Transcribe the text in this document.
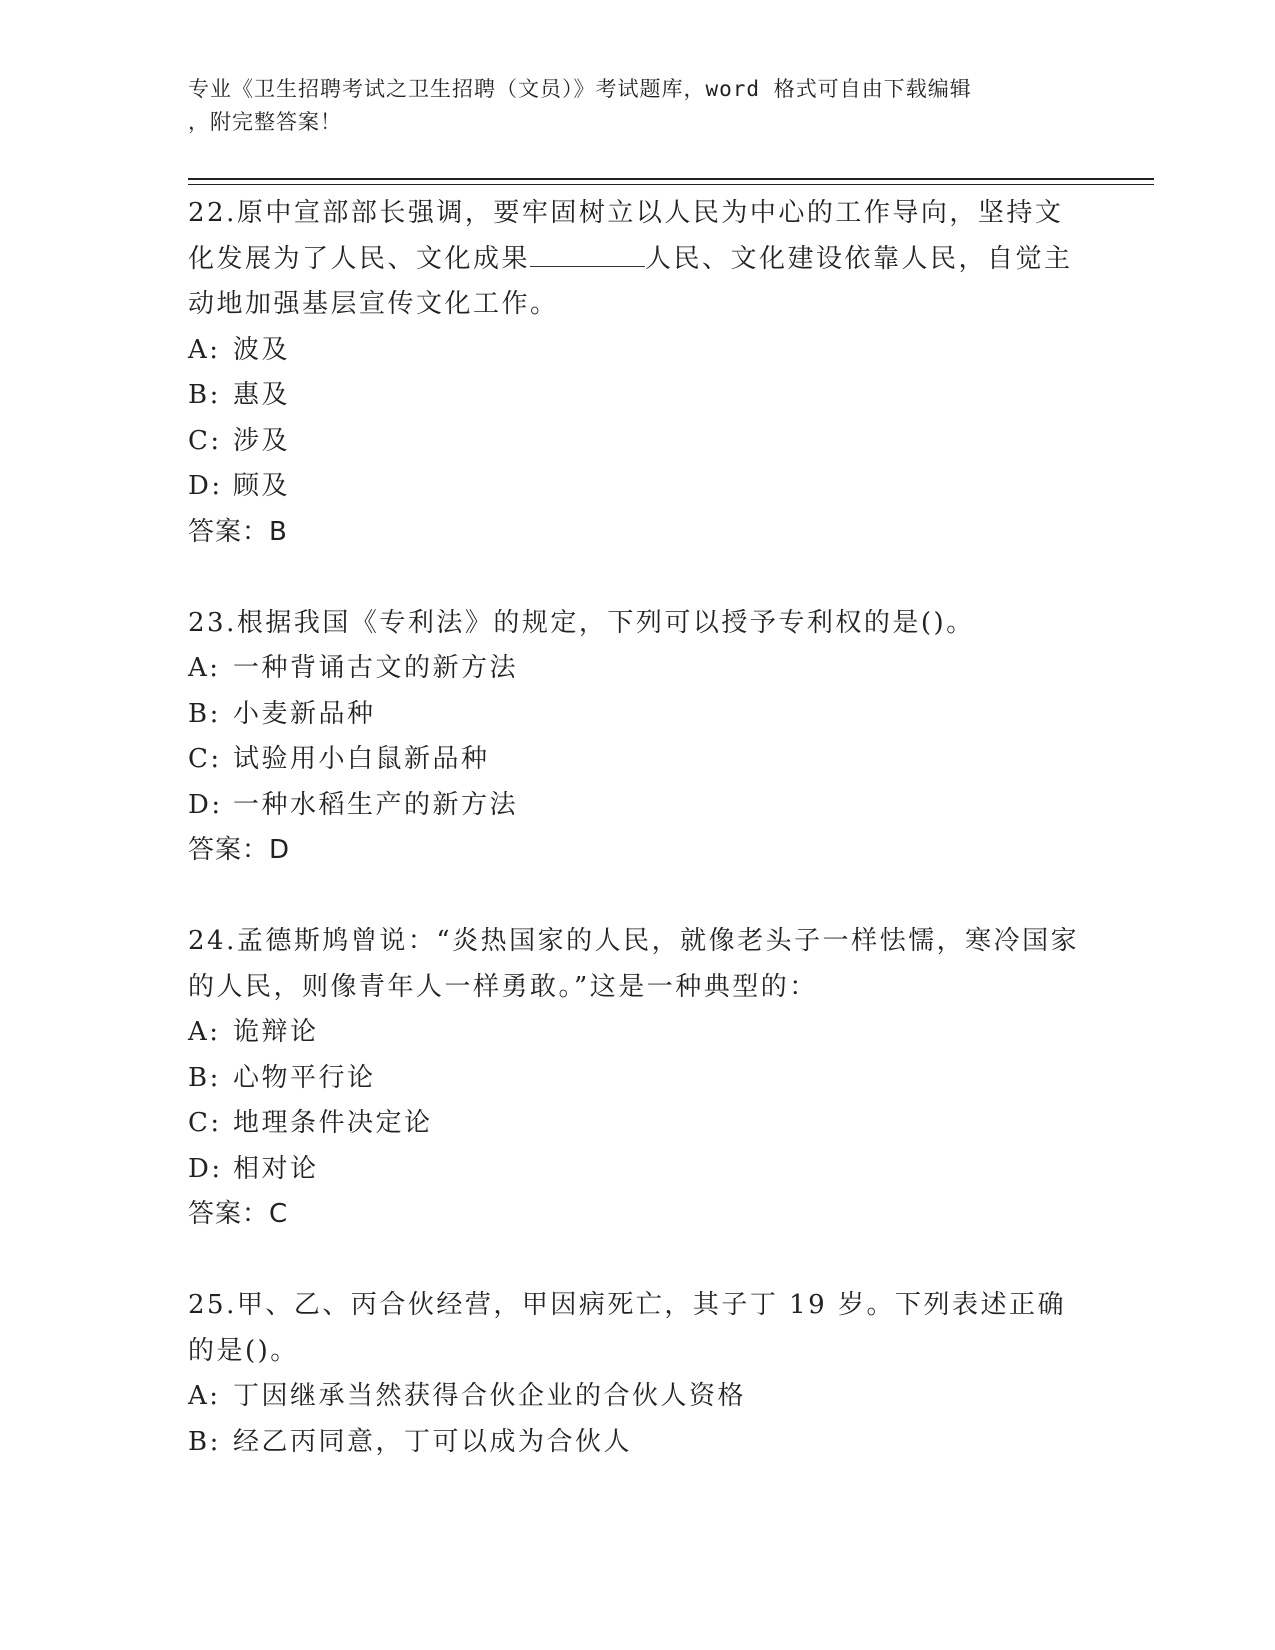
专业《卫生招聘考试之卫生招聘（文员）》考试题库，word 格式可自由下载编辑
，附完整答案！

22.原中宣部部长强调，要牢固树立以人民为中心的工作导向，坚持文化发展为了人民、文化成果	人民、文化建设依靠人民，自觉主动地加强基层宣传文化工作。

A: 波及

B: 惠及

C: 涉及

D: 顾及

答案：B

23.根据我国《专利法》的规定，下列可以授予专利权的是()。

A: 一种背诵古文的新方法

B: 小麦新品种

C: 试验用小白鼠新品种

D: 一种水稻生产的新方法

答案：D

24.孟德斯鸠曾说：“炎热国家的人民，就像老头子一样怯懦，寒冷国家的人民，则像青年人一样勇敢。”这是一种典型的：

A: 诡辩论

B: 心物平行论

C: 地理条件决定论

D: 相对论

答案：C

25.甲、乙、丙合伙经营，甲因病死亡，其子丁 19 岁。下列表述正确的是()。

A: 丁因继承当然获得合伙企业的合伙人资格

B: 经乙丙同意，丁可以成为合伙人
